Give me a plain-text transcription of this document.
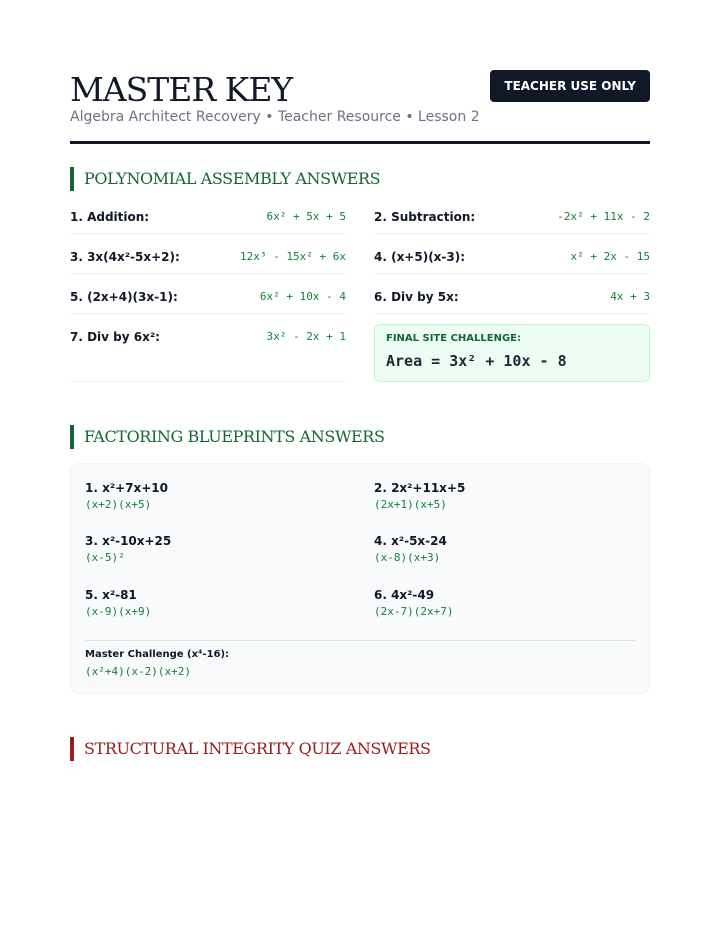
MASTER KEY
Algebra Architect Recovery • Teacher Resource • Lesson 2
TEACHER USE ONLY
POLYNOMIAL ASSEMBLY ANSWERS
1. Addition:	6x² + 5x + 5 2. Subtraction:	-2x² + 11x - 2
3. 3x(4x²-5x+2):	12x³ - 15x² + 6x 4. (x+5)(x-3):	x² + 2x - 15
5. (2x+4)(3x-1):	6x² + 10x - 4 6. Div by 5x:	4x + 3
7. Div by 6x²:	3x² - 2x + 1	FINAL SITE CHALLENGE:
Area = 3x² + 10x - 8
FACTORING BLUEPRINTS ANSWERS
1. x²+7x+10
(x+2)(x+5)
2. 2x²+11x+5
(2x+1)(x+5)
3. x²-10x+25
(x-5)²
4. x²-5x-24
(x-8)(x+3)
5. x²-81
(x-9)(x+9)
6. 4x²-49
(2x-7)(2x+7)
Master Challenge (x⁴-16):
(x²+4)(x-2)(x+2)
STRUCTURAL INTEGRITY QUIZ ANSWERS
